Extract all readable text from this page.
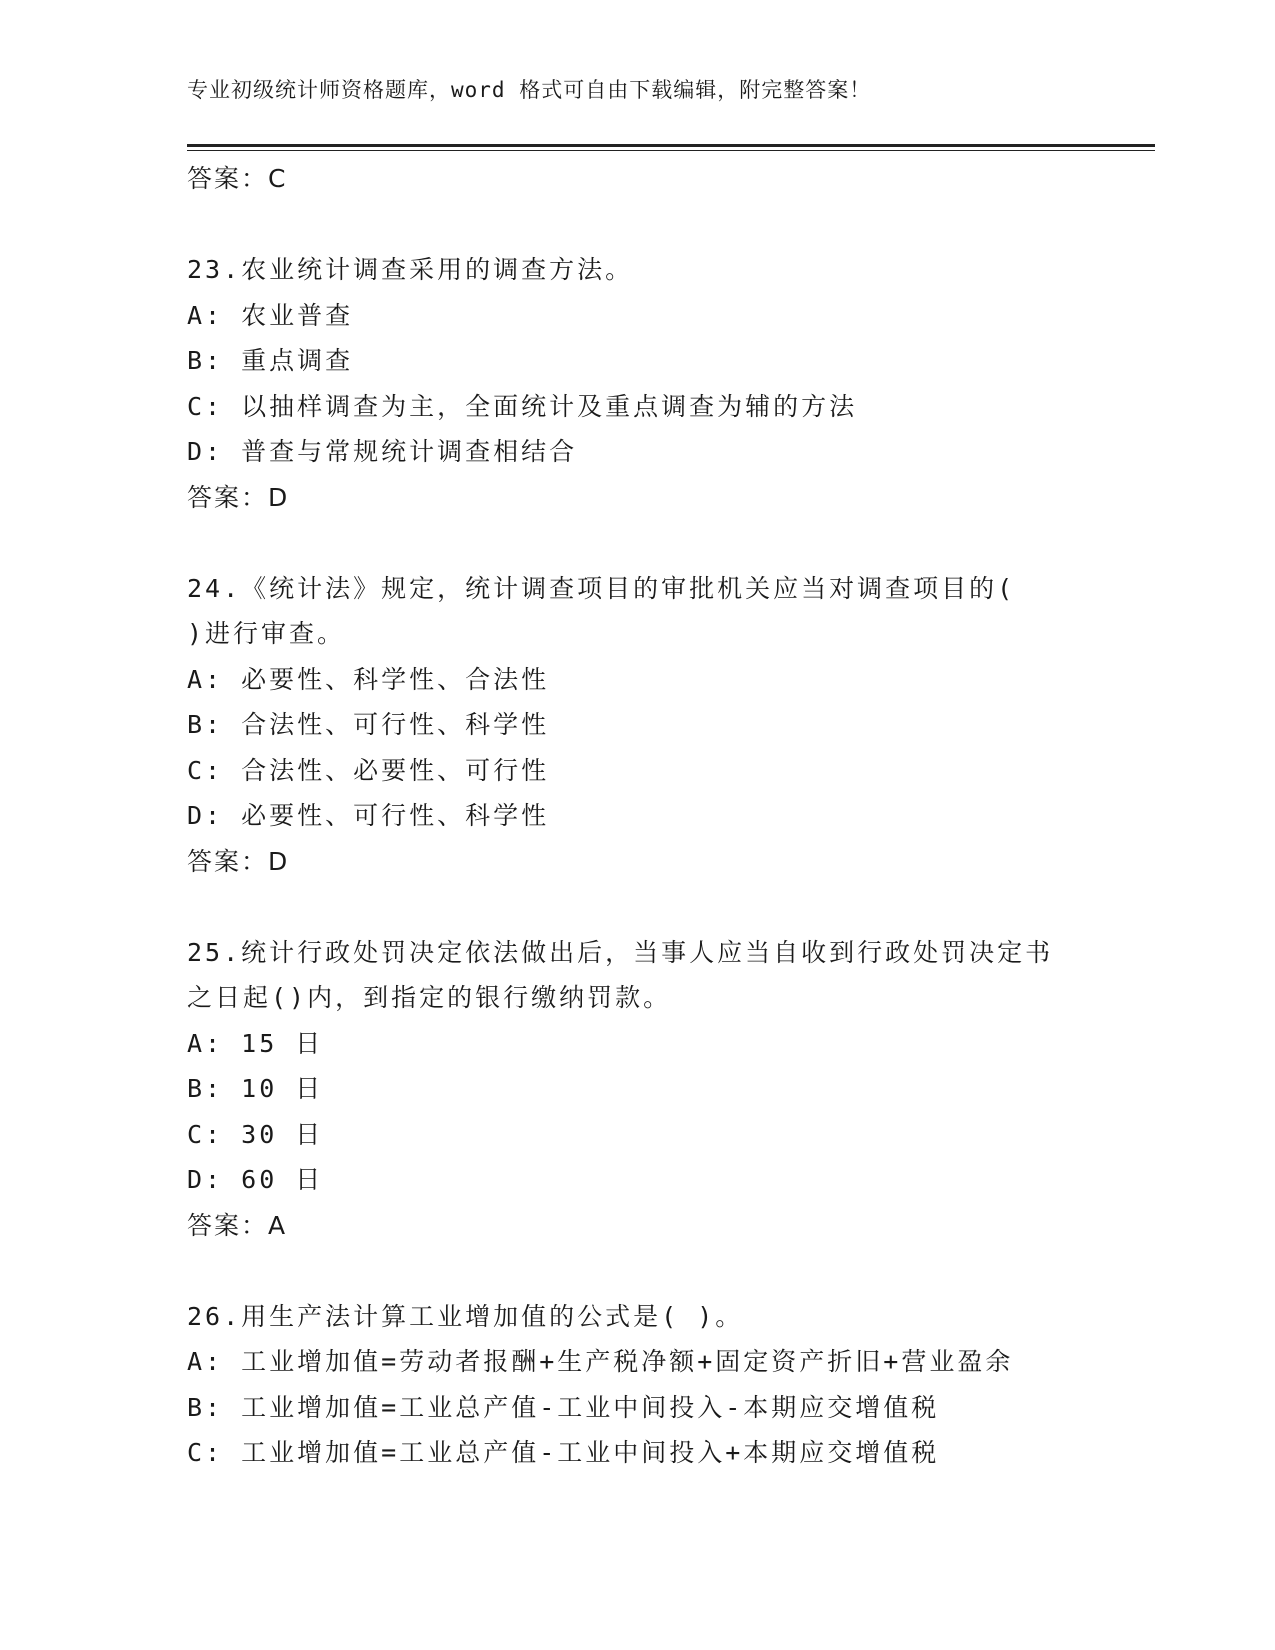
专业初级统计师资格题库，word 格式可自由下载编辑，附完整答案！
答案：C
23.农业统计调查采用的调查方法。
A: 农业普查
B: 重点调查
C: 以抽样调查为主，全面统计及重点调查为辅的方法
D: 普查与常规统计调查相结合
答案：D
24.《统计法》规定，统计调查项目的审批机关应当对调查项目的(
)进行审查。
A: 必要性、科学性、合法性
B: 合法性、可行性、科学性
C: 合法性、必要性、可行性
D: 必要性、可行性、科学性
答案：D
25.统计行政处罚决定依法做出后，当事人应当自收到行政处罚决定书
之日起()内，到指定的银行缴纳罚款。
A: 15 日
B: 10 日
C: 30 日
D: 60 日
答案：A
26.用生产法计算工业增加值的公式是( )。
A: 工业增加值=劳动者报酬+生产税净额+固定资产折旧+营业盈余
B: 工业增加值=工业总产值-工业中间投入-本期应交增值税
C: 工业增加值=工业总产值-工业中间投入+本期应交增值税
